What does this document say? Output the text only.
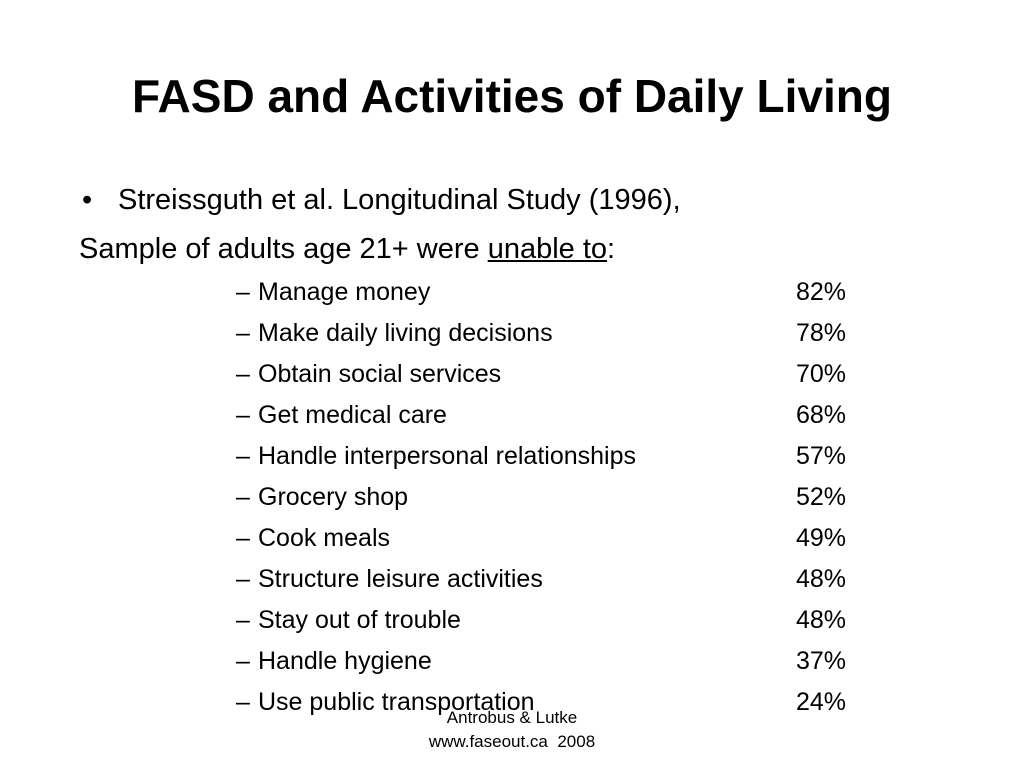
FASD and Activities of Daily Living
• Streissguth et al. Longitudinal Study (1996),
Sample of adults age 21+ were unable to:
– Manage money	82%
– Make daily living decisions	78%
– Obtain social services	70%
– Get medical care	68%
– Handle interpersonal relationships	57%
– Grocery shop	52%
– Cook meals	49%
– Structure leisure activities	48%
– Stay out of trouble	48%
– Handle hygiene	37%
– Use public transportation	24%
Antrobus & Lutke
www.faseout.ca  2008
